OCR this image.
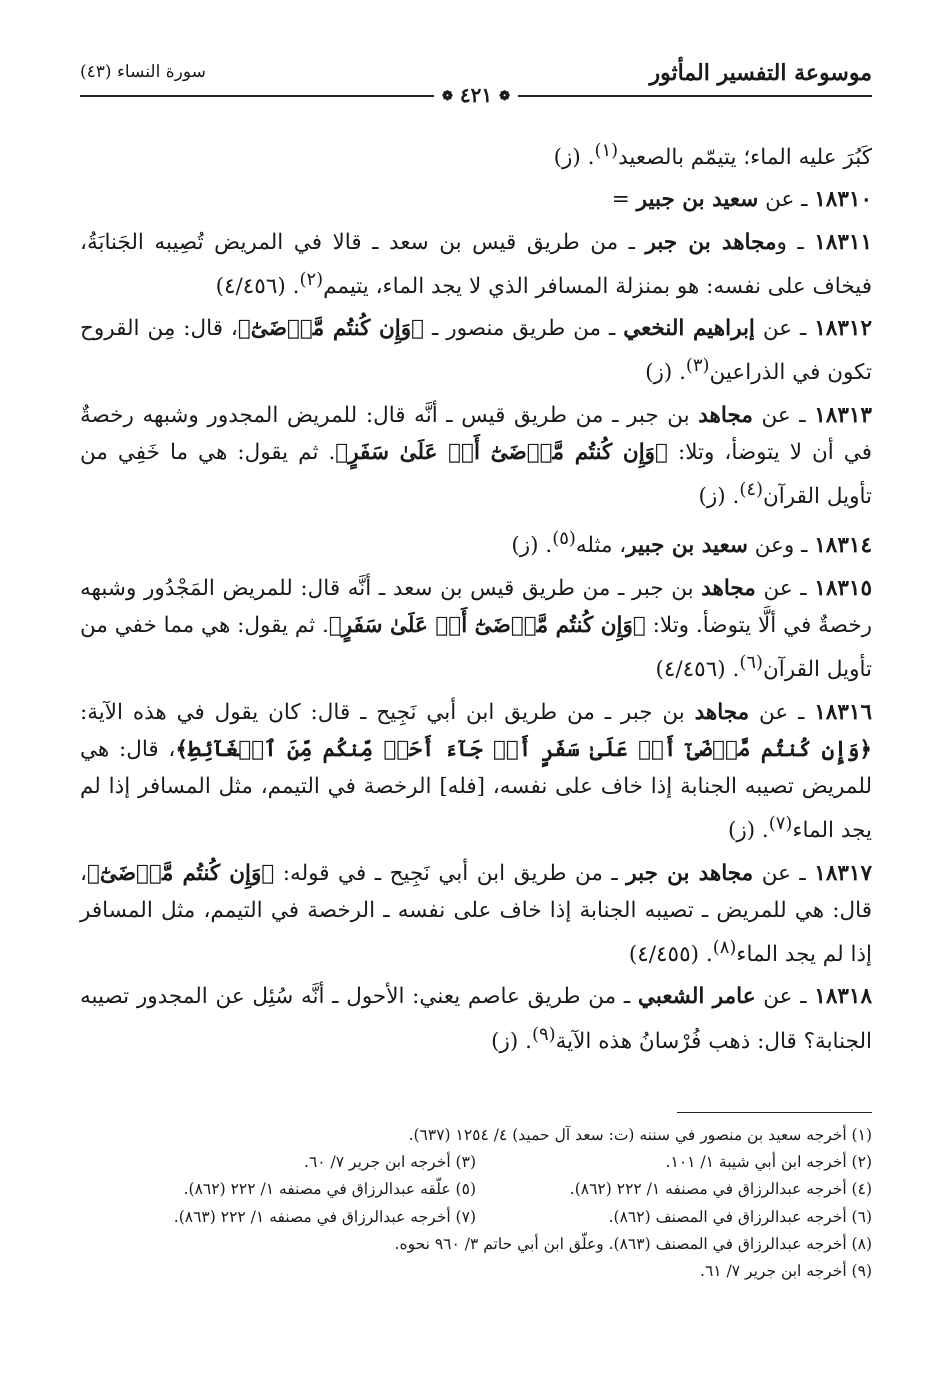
موسوعة التفسير المأثور
سورة النساء (٤٣)
❁ ٤٢١ ❁

كَبُرَ عليه الماء؛ يتيمّم بالصعيد$^{(١)}$. (ز)

١٨٣١٠ ـ عن سعيد بن جبير =

١٨٣١١ ـ ومجاهد بن جبر ـ من طريق قيس بن سعد ـ قالا في المريض تُصِيبه الجَنابَةُ، فيخاف على نفسه: هو بمنزلة المسافر الذي لا يجد الماء، يتيمم$^{(٢)}$. (٤/٤٥٦)

١٨٣١٢ ـ عن إبراهيم النخعي ـ من طريق منصور ـ ﴿وَإِن كُنتُم مَّرۡضَىٰٓ﴾، قال: مِن القروح تكون في الذراعين$^{(٣)}$. (ز)

١٨٣١٣ ـ عن مجاهد بن جبر ـ من طريق قيس ـ أنَّه قال: للمريض المجدور وشبهه رخصةٌ في أن لا يتوضأ، وتلا: ﴿وَإِن كُنتُم مَّرۡضَىٰٓ أَوۡ عَلَىٰ سَفَرٍ﴾. ثم يقول: هي ما خَفِي من تأويل القرآن$^{(٤)}$. (ز)

١٨٣١٤ ـ وعن سعيد بن جبير، مثله$^{(٥)}$. (ز)

١٨٣١٥ ـ عن مجاهد بن جبر ـ من طريق قيس بن سعد ـ أنَّه قال: للمريض المَجْدُور وشبهه رخصةٌ في ألَّا يتوضأ. وتلا: ﴿وَإِن كُنتُم مَّرۡضَىٰٓ أَوۡ عَلَىٰ سَفَرٍ﴾. ثم يقول: هي مما خفي من تأويل القرآن$^{(٦)}$. (٤/٤٥٦)

١٨٣١٦ ـ عن مجاهد بن جبر ـ من طريق ابن أبي نَجِيح ـ قال: كان يقول في هذه الآية: ﴿وَإِن كُنتُم مَّرۡضَىٰٓ أَوۡ عَلَىٰ سَفَرٍ أَوۡ جَآءَ أَحَدٞ مِّنكُم مِّنَ ٱلۡغَآئِطِ﴾، قال: هي للمريض تصيبه الجنابة إذا خاف على نفسه، [فله] الرخصة في التيمم، مثل المسافر إذا لم يجد الماء$^{(٧)}$. (ز)

١٨٣١٧ ـ عن مجاهد بن جبر ـ من طريق ابن أبي نَجِيح ـ في قوله: ﴿وَإِن كُنتُم مَّرۡضَىٰٓ﴾، قال: هي للمريض ـ تصيبه الجنابة إذا خاف على نفسه ـ الرخصة في التيمم، مثل المسافر إذا لم يجد الماء$^{(٨)}$. (٤/٤٥٥)

١٨٣١٨ ـ عن عامر الشعبي ـ من طريق عاصم يعني: الأحول ـ أنَّه سُئِل عن المجدور تصيبه الجنابة؟ قال: ذهب فُرْسانُ هذه الآية$^{(٩)}$. (ز)

(١) أخرجه سعيد بن منصور في سننه (ت: سعد آل حميد) ٤/ ١٢٥٤ (٦٣٧).
(٢) أخرجه ابن أبي شيبة ١/ ١٠١.
(٣) أخرجه ابن جرير ٧/ ٦٠.
(٤) أخرجه عبدالرزاق في مصنفه ١/ ٢٢٢ (٨٦٢).
(٥) علّقه عبدالرزاق في مصنفه ١/ ٢٢٢ (٨٦٢).
(٦) أخرجه عبدالرزاق في المصنف (٨٦٢).
(٧) أخرجه عبدالرزاق في مصنفه ١/ ٢٢٢ (٨٦٣).
(٨) أخرجه عبدالرزاق في المصنف (٨٦٣). وعلّق ابن أبي حاتم ٣/ ٩٦٠ نحوه.
(٩) أخرجه ابن جرير ٧/ ٦١.
